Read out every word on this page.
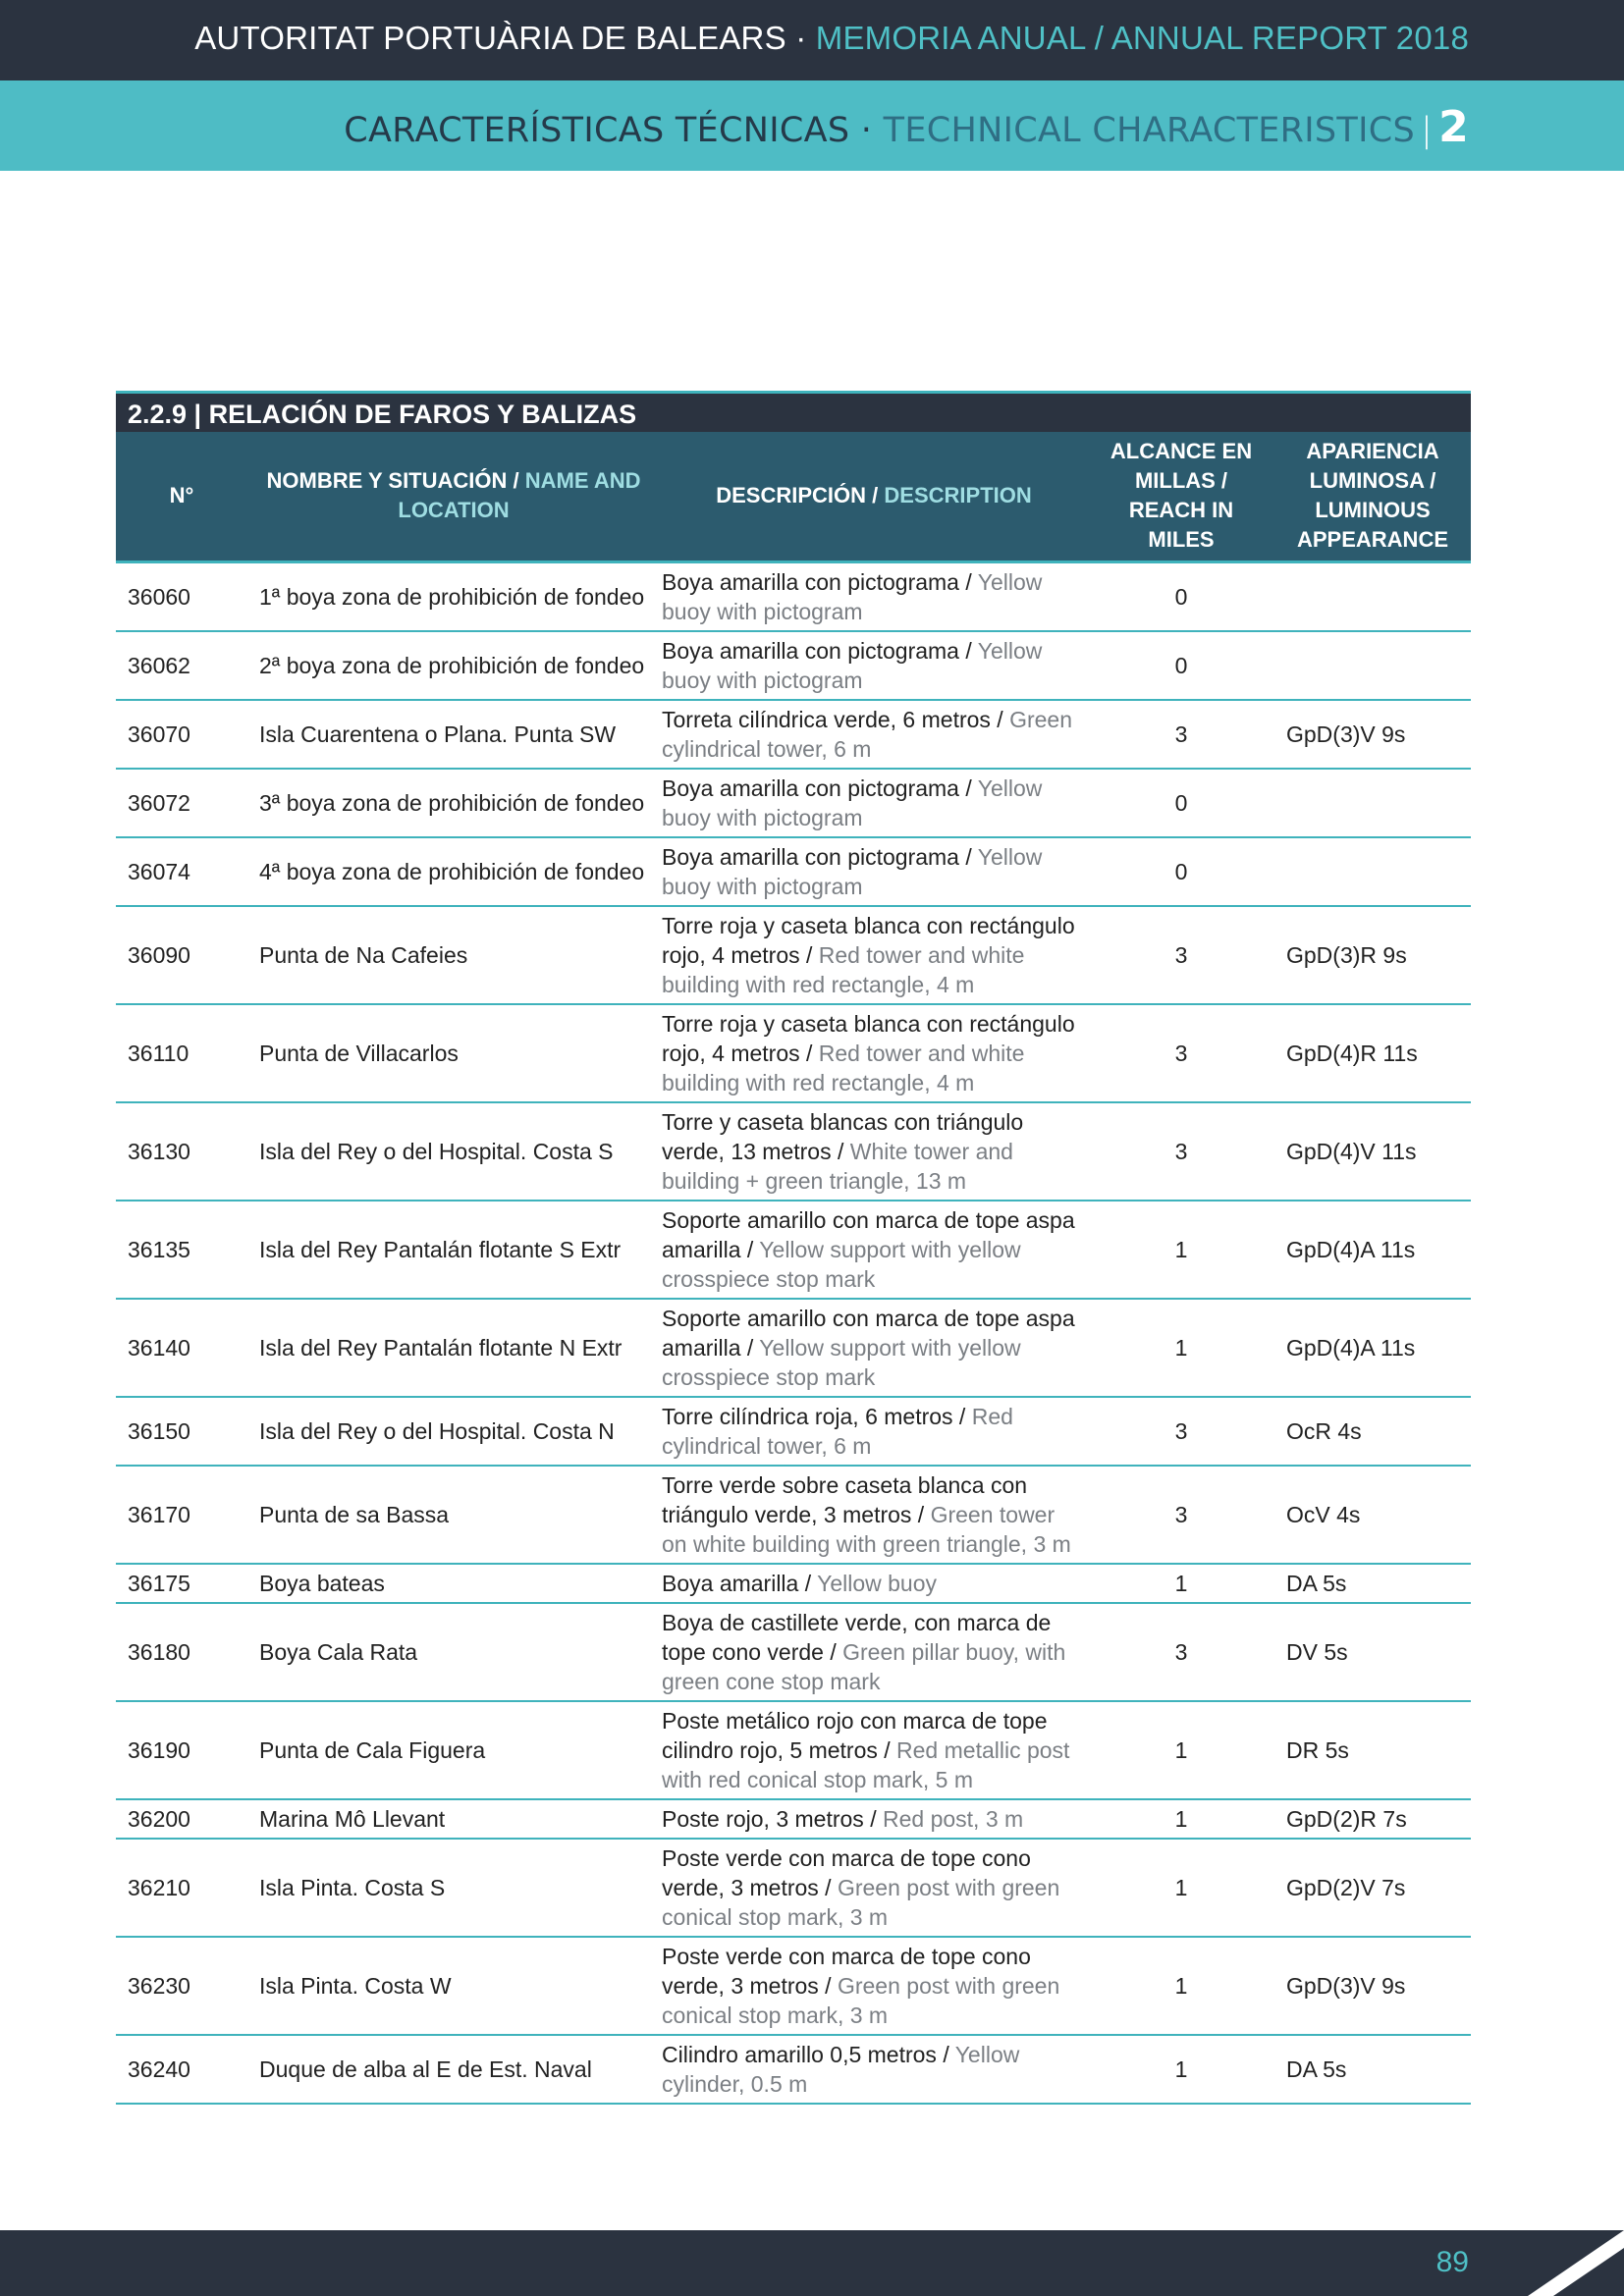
AUTORITAT PORTUÀRIA DE BALEARS · MEMORIA ANUAL / ANNUAL REPORT 2018
CARACTERÍSTICAS TÉCNICAS · TECHNICAL CHARACTERISTICS | 2
2.2.9 | RELACIÓN DE FAROS Y BALIZAS
N°	NOMBRE Y SITUACIÓN / NAME AND LOCATION	DESCRIPCIÓN / DESCRIPTION	ALCANCE EN MILLAS / REACH IN MILES	APARIENCIA LUMINOSA / LUMINOUS APPEARANCE
36060	1ª boya zona de prohibición de fondeo	Boya amarilla con pictograma / Yellow buoy with pictogram	0	
36062	2ª boya zona de prohibición de fondeo	Boya amarilla con pictograma / Yellow buoy with pictogram	0	
36070	Isla Cuarentena o Plana. Punta SW	Torreta cilíndrica verde, 6 metros / Green cylindrical tower, 6 m	3	GpD(3)V 9s
36072	3ª boya zona de prohibición de fondeo	Boya amarilla con pictograma / Yellow buoy with pictogram	0	
36074	4ª boya zona de prohibición de fondeo	Boya amarilla con pictograma / Yellow buoy with pictogram	0	
36090	Punta de Na Cafeies	Torre roja y caseta blanca con rectángulo rojo, 4 metros / Red tower and white building with red rectangle, 4 m	3	GpD(3)R 9s
36110	Punta de Villacarlos	Torre roja y caseta blanca con rectángulo rojo, 4 metros / Red tower and white building with red rectangle, 4 m	3	GpD(4)R 11s
36130	Isla del Rey o del Hospital. Costa S	Torre y caseta blancas con triángulo verde, 13 metros / White tower and building + green triangle, 13 m	3	GpD(4)V 11s
36135	Isla del Rey Pantalán flotante S Extr	Soporte amarillo con marca de tope aspa amarilla / Yellow support with yellow crosspiece stop mark	1	GpD(4)A 11s
36140	Isla del Rey Pantalán flotante N Extr	Soporte amarillo con marca de tope aspa amarilla / Yellow support with yellow crosspiece stop mark	1	GpD(4)A 11s
36150	Isla del Rey o del Hospital. Costa N	Torre cilíndrica roja, 6 metros / Red cylindrical tower, 6 m	3	OcR 4s
36170	Punta de sa Bassa	Torre verde sobre caseta blanca con triángulo verde, 3 metros / Green tower on white building with green triangle, 3 m	3	OcV 4s
36175	Boya bateas	Boya amarilla / Yellow buoy	1	DA 5s
36180	Boya Cala Rata	Boya de castillete verde, con marca de tope cono verde / Green pillar buoy, with green cone stop mark	3	DV 5s
36190	Punta de Cala Figuera	Poste metálico rojo con marca de tope cilindro rojo, 5 metros / Red metallic post with red conical stop mark, 5 m	1	DR 5s
36200	Marina Mô Llevant	Poste rojo, 3 metros / Red post, 3 m	1	GpD(2)R 7s
36210	Isla Pinta. Costa S	Poste verde con marca de tope cono verde, 3 metros / Green post with green conical stop mark, 3 m	1	GpD(2)V 7s
36230	Isla Pinta. Costa W	Poste verde con marca de tope cono verde, 3 metros / Green post with green conical stop mark, 3 m	1	GpD(3)V 9s
36240	Duque de alba al E de Est. Naval	Cilindro amarillo 0,5 metros / Yellow cylinder, 0.5 m	1	DA 5s
89
